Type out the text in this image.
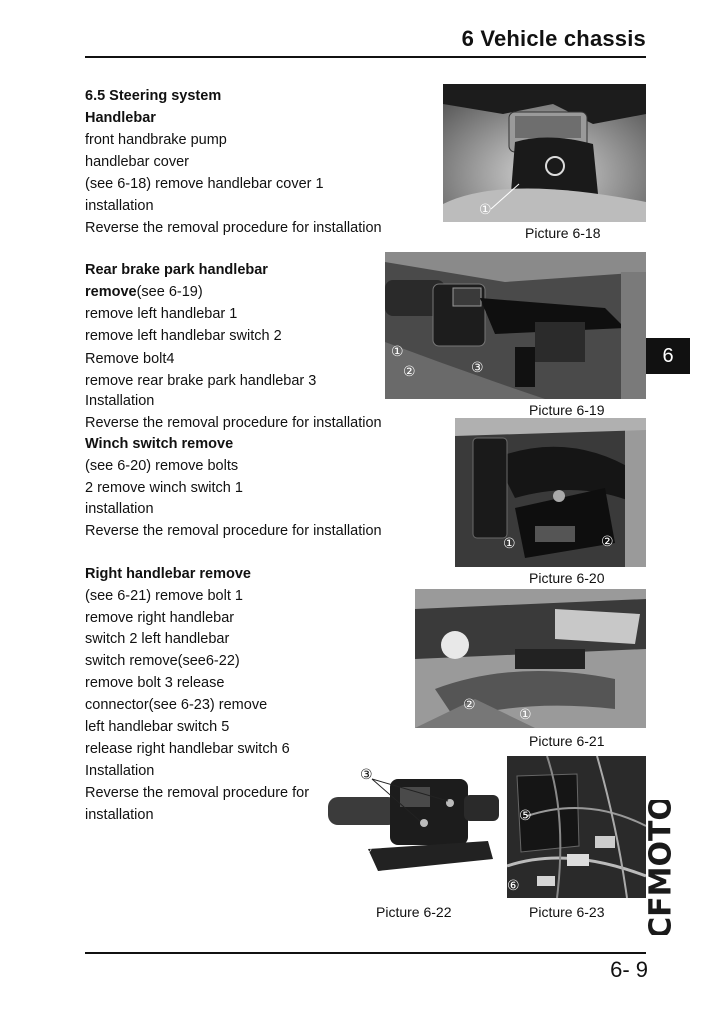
6 Vehicle chassis
6.5 Steering system
Handlebar
front handbrake pump
handlebar cover
(see 6-18) remove handlebar cover 1
installation
Reverse the removal procedure for installation
Rear brake park handlebar
remove(see 6-19)
remove left handlebar 1
remove left handlebar switch 2
Remove bolt4
remove rear brake park handlebar 3
Installation
Reverse the removal procedure for installation
Winch switch remove
(see 6-20) remove bolts
2 remove winch switch 1
installation
Reverse the removal procedure for installation
Right handlebar remove
(see 6-21) remove bolt 1
remove right handlebar
switch 2 left handlebar
switch remove(see6-22)
remove bolt 3 release
connector(see 6-23) remove
left handlebar switch 5
release right handlebar switch 6
Installation
Reverse the removal procedure for
installation
①
Picture 6-18
①
②	③
Picture 6-19
①	②
Picture 6-20
②
①
Picture 6-21
③
①
Picture 6-22
⑤
⑥
Picture 6-23
6
CFMOTO
6- 9
